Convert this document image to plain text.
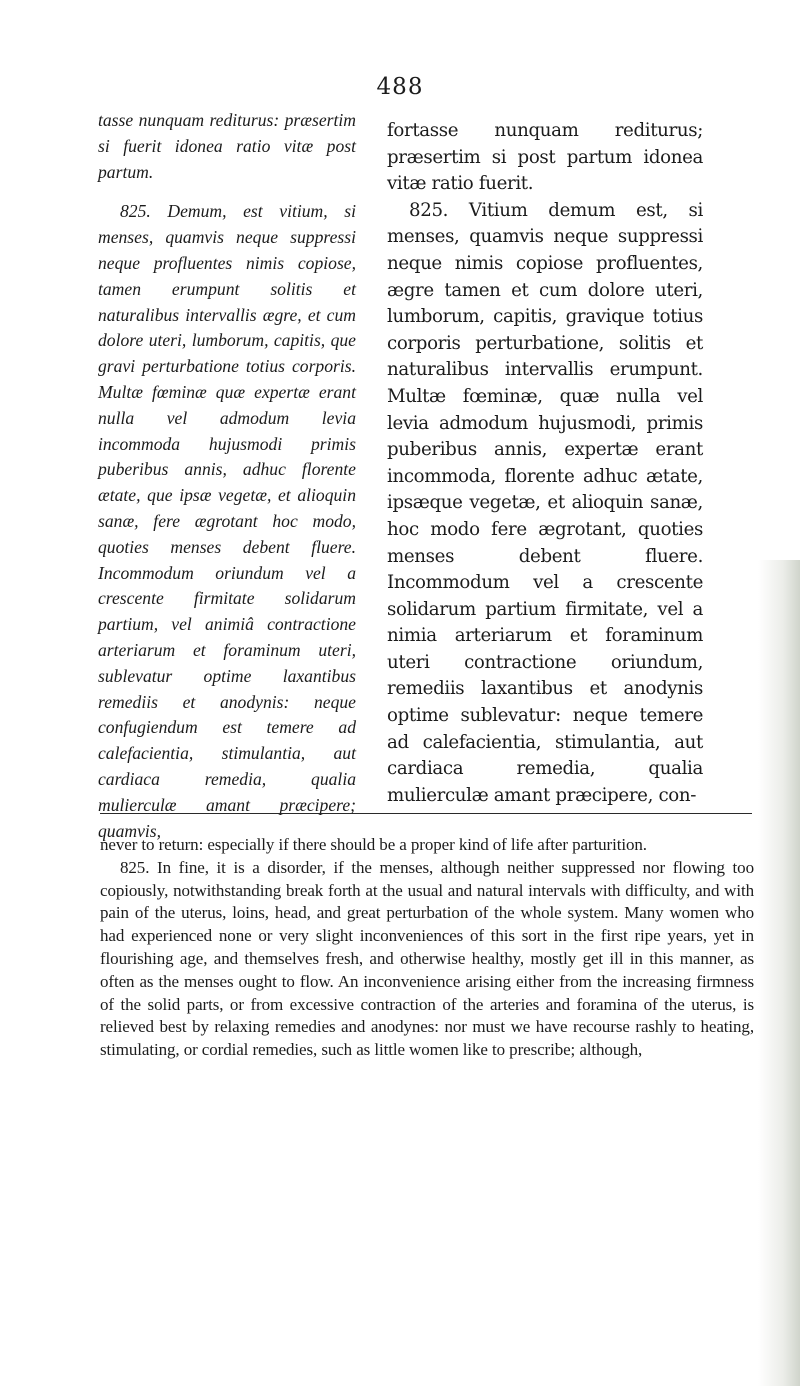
488

tasse nunquam rediturus: præsertim si fuerit idonea ratio vitæ post partum.

825. Demum, est vitium, si menses, quamvis neque suppressi neque profluentes nimis copiose, tamen erumpunt solitis et naturalibus intervallis ægre, et cum dolore uteri, lumborum, capitis, que gravi perturbatione totius corporis. Multæ fœminæ quæ expertæ erant nulla vel admodum levia incommoda hujusmodi primis puberibus annis, adhuc florente ætate, que ipsæ vegetæ, et alioquin sanæ, fere ægrotant hoc modo, quoties menses debent fluere. Incommodum oriundum vel a crescente firmitate solidarum partium, vel animiâ contractione arteriarum et foraminum uteri, sublevatur optime laxantibus remediis et anodynis: neque confugiendum est temere ad calefacientia, stimulantia, aut cardiaca remedia, qualia mulierculæ amant præcipere; quamvis,

fortasse nunquam rediturus; præsertim si post partum idonea vitæ ratio fuerit.

825. Vitium demum est, si menses, quamvis neque suppressi neque nimis copiose profluentes, ægre tamen et cum dolore uteri, lumborum, capitis, gravique totius corporis perturbatione, solitis et naturalibus intervallis erumpunt. Multæ fœminæ, quæ nulla vel levia admodum hujusmodi, primis puberibus annis, expertæ erant incommoda, florente adhuc ætate, ipsæque vegetæ, et alioquin sanæ, hoc modo fere ægrotant, quoties menses debent fluere. Incommodum vel a crescente solidarum partium firmitate, vel a nimia arteriarum et foraminum uteri contractione oriundum, remediis laxantibus et anodynis optime sublevatur: neque temere ad calefacientia, stimulantia, aut cardiaca remedia, qualia mulierculæ amant præcipere, con-

never to return: especially if there should be a proper kind of life after parturition.

825. In fine, it is a disorder, if the menses, although neither suppressed nor flowing too copiously, notwithstanding break forth at the usual and natural intervals with difficulty, and with pain of the uterus, loins, head, and great perturbation of the whole system. Many women who had experienced none or very slight inconveniences of this sort in the first ripe years, yet in flourishing age, and themselves fresh, and otherwise healthy, mostly get ill in this manner, as often as the menses ought to flow. An inconvenience arising either from the increasing firmness of the solid parts, or from excessive contraction of the arteries and foramina of the uterus, is relieved best by relaxing remedies and anodynes: nor must we have recourse rashly to heating, stimulating, or cordial remedies, such as little women like to prescribe; although,
